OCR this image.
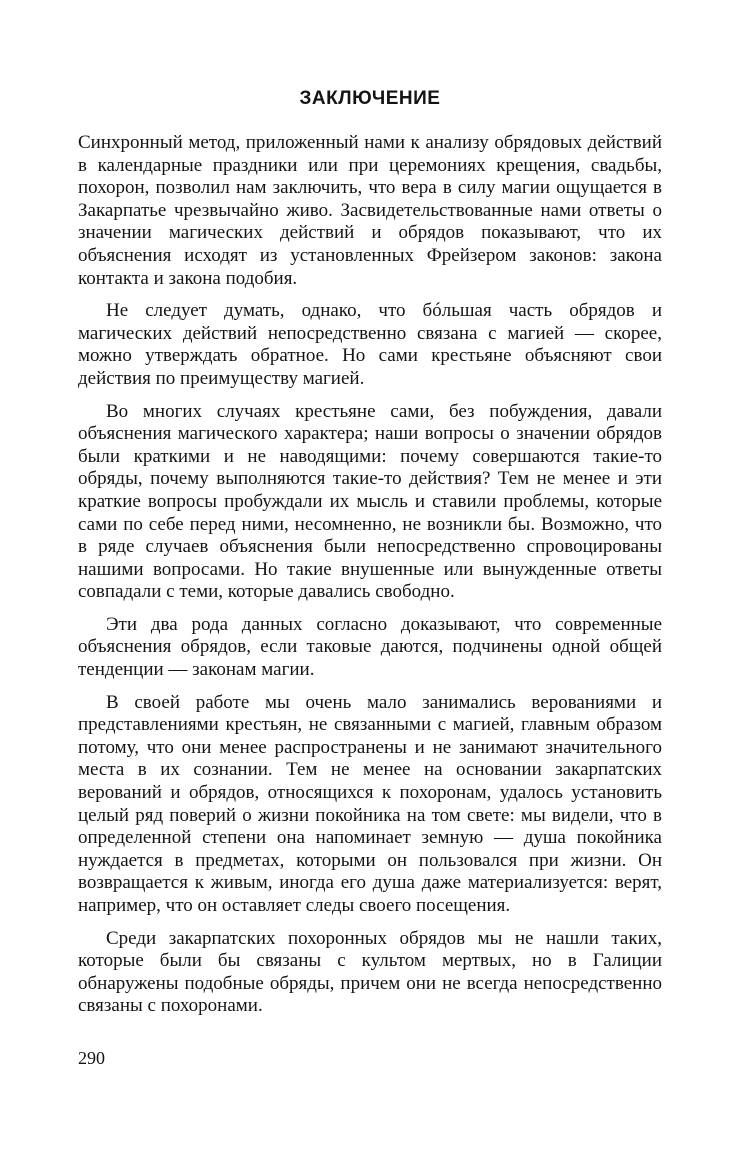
ЗАКЛЮЧЕНИЕ

Синхронный метод, приложенный нами к анализу обрядовых действий в календарные праздники или при церемониях крещения, свадьбы, похорон, позволил нам заключить, что вера в силу магии ощущается в Закарпатье чрезвычайно живо. Засвидетельствованные нами ответы о значении магических действий и обрядов показывают, что их объяснения исходят из установленных Фрейзером законов: закона контакта и закона подобия.

Не следует думать, однако, что бóльшая часть обрядов и магических действий непосредственно связана с магией — скорее, можно утверждать обратное. Но сами крестьяне объясняют свои действия по преимуществу магией.

Во многих случаях крестьяне сами, без побуждения, давали объяснения магического характера; наши вопросы о значении обрядов были краткими и не наводящими: почему совершаются такие-то обряды, почему выполняются такие-то действия? Тем не менее и эти краткие вопросы пробуждали их мысль и ставили проблемы, которые сами по себе перед ними, несомненно, не возникли бы. Возможно, что в ряде случаев объяснения были непосредственно спровоцированы нашими вопросами. Но такие внушенные или вынужденные ответы совпадали с теми, которые давались свободно.

Эти два рода данных согласно доказывают, что современные объяснения обрядов, если таковые даются, подчинены одной общей тенденции — законам магии.

В своей работе мы очень мало занимались верованиями и представлениями крестьян, не связанными с магией, главным образом потому, что они менее распространены и не занимают значительного места в их сознании. Тем не менее на основании закарпатских верований и обрядов, относящихся к похоронам, удалось установить целый ряд поверий о жизни покойника на том свете: мы видели, что в определенной степени она напоминает земную — душа покойника нуждается в предметах, которыми он пользовался при жизни. Он возвращается к живым, иногда его душа даже материализуется: верят, например, что он оставляет следы своего посещения.

Среди закарпатских похоронных обрядов мы не нашли таких, которые были бы связаны с культом мертвых, но в Галиции обнаружены подобные обряды, причем они не всегда непосредственно связаны с похоронами.

290
